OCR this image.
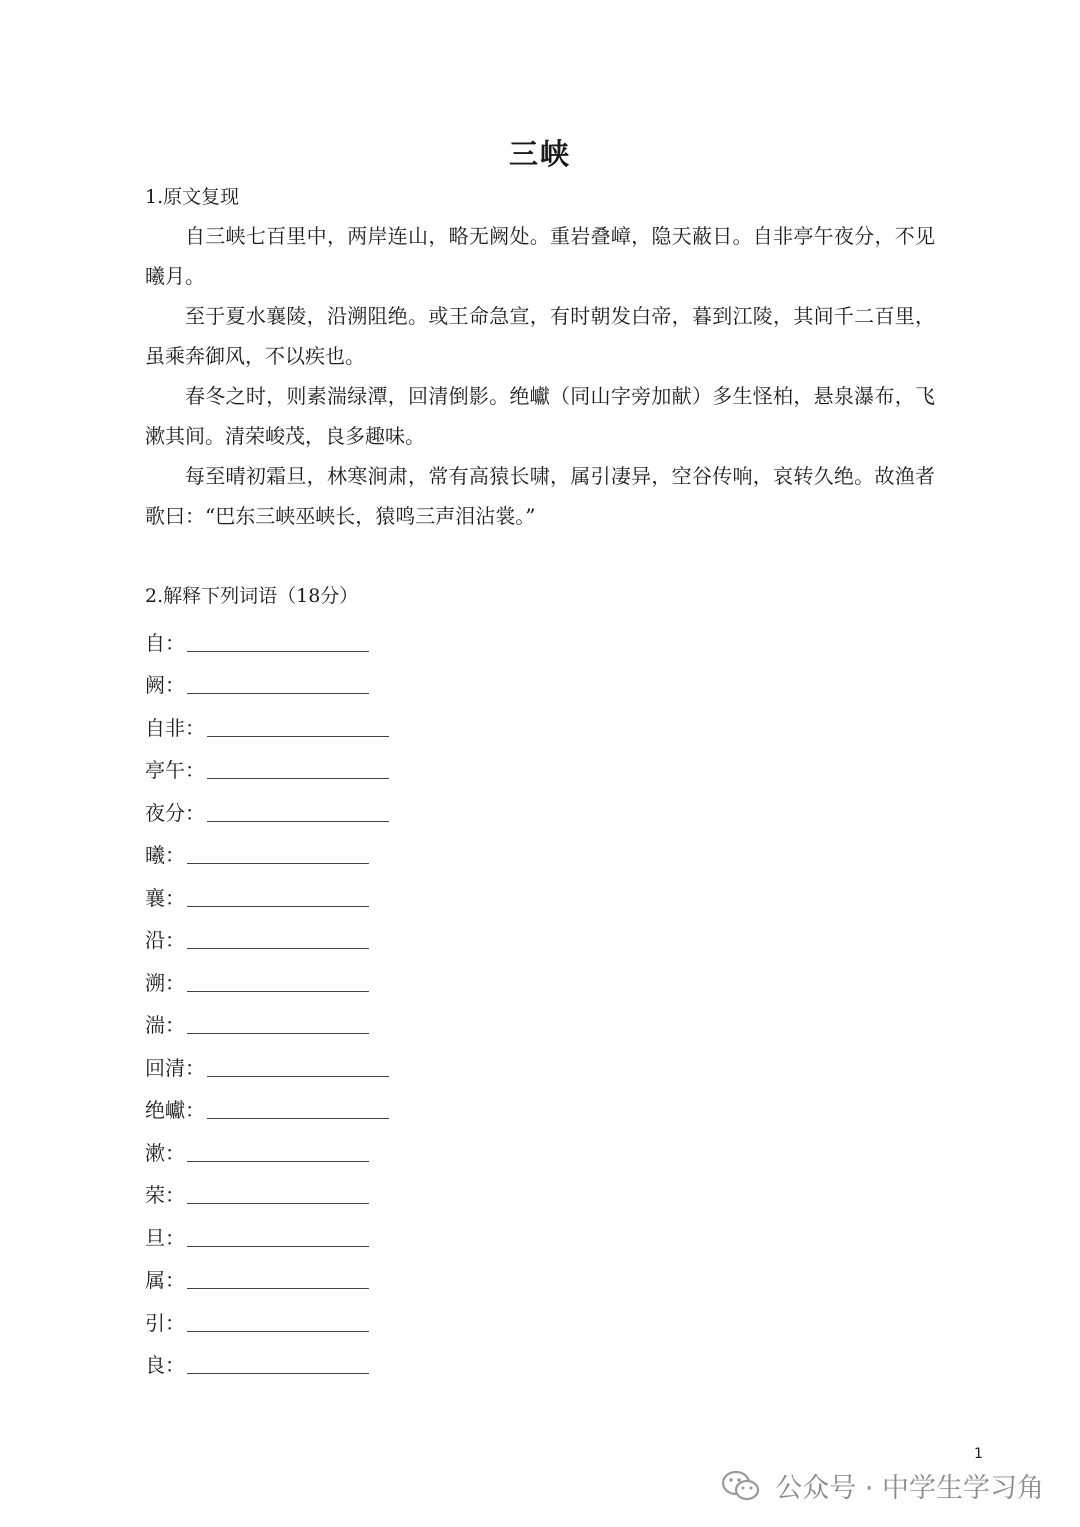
三峡
1.原文复现

自三峡七百里中，两岸连山，略无阙处。重岩叠嶂，隐天蔽日。自非亭午夜分，不见曦月。

至于夏水襄陵，沿溯阻绝。或王命急宣，有时朝发白帝，暮到江陵，其间千二百里，虽乘奔御风，不以疾也。

春冬之时，则素湍绿潭，回清倒影。绝巘（同山字旁加献）多生怪柏，悬泉瀑布，飞漱其间。清荣峻茂，良多趣味。

每至晴初霜旦，林寒涧肃，常有高猿长啸，属引凄异，空谷传响，哀转久绝。故渔者歌曰：“巴东三峡巫峡长，猿鸣三声泪沾裳。”

2.解释下列词语（18分）
自：
阙：
自非：
亭午：
夜分：
曦：
襄：
沿：
溯：
湍：
回清：
绝巘：
漱：
荣：
旦：
属：
引：
良：
1
公众号 · 中学生学习角
